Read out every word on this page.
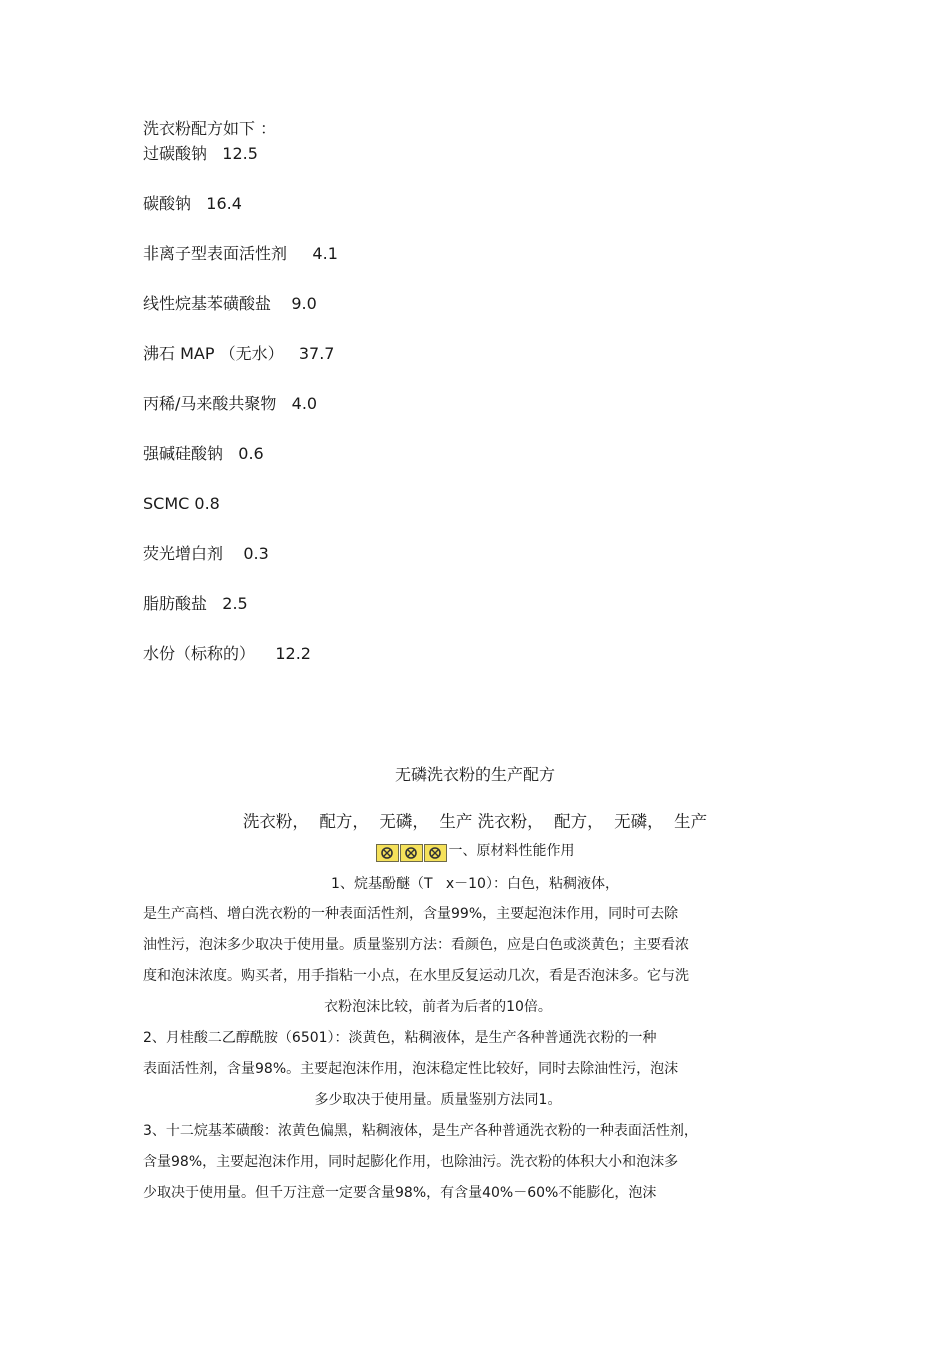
洗衣粉配方如下 ：
过碳酸钠   12.5
碳酸钠   16.4
非离子型表面活性剂     4.1
线性烷基苯磺酸盐    9.0
沸石 MAP （无水）   37.7
丙稀/马来酸共聚物   4.0
强碱硅酸钠   0.6
SCMC 0.8
荧光增白剂    0.3
脂肪酸盐   2.5
水份（标称的）    12.2
无磷洗衣粉的生产配方
洗衣粉，  配方，  无磷，  生产 洗衣粉，  配方，  无磷，  生产
一、原材料性能作用
1、烷基酚醚（T   x－10）：白色，粘稠液体，
是生产高档、增白洗衣粉的一种表面活性剂，含量99%，主要起泡沫作用，同时可去除
油性污，泡沫多少取决于使用量。质量鉴别方法：看颜色，应是白色或淡黄色；主要看浓
度和泡沫浓度。购买者，用手指粘一小点，在水里反复运动几次，看是否泡沫多。它与洗
衣粉泡沫比较，前者为后者的10倍。
2、月桂酸二乙醇酰胺（6501）：淡黄色，粘稠液体，是生产各种普通洗衣粉的一种
表面活性剂，含量98%。主要起泡沫作用，泡沫稳定性比较好，同时去除油性污，泡沫
多少取决于使用量。质量鉴别方法同1。
3、十二烷基苯磺酸：浓黄色偏黑，粘稠液体，是生产各种普通洗衣粉的一种表面活性剂，
含量98%，主要起泡沫作用，同时起膨化作用，也除油污。洗衣粉的体积大小和泡沫多
少取决于使用量。但千万注意一定要含量98%，有含量40%－60%不能膨化，泡沫
